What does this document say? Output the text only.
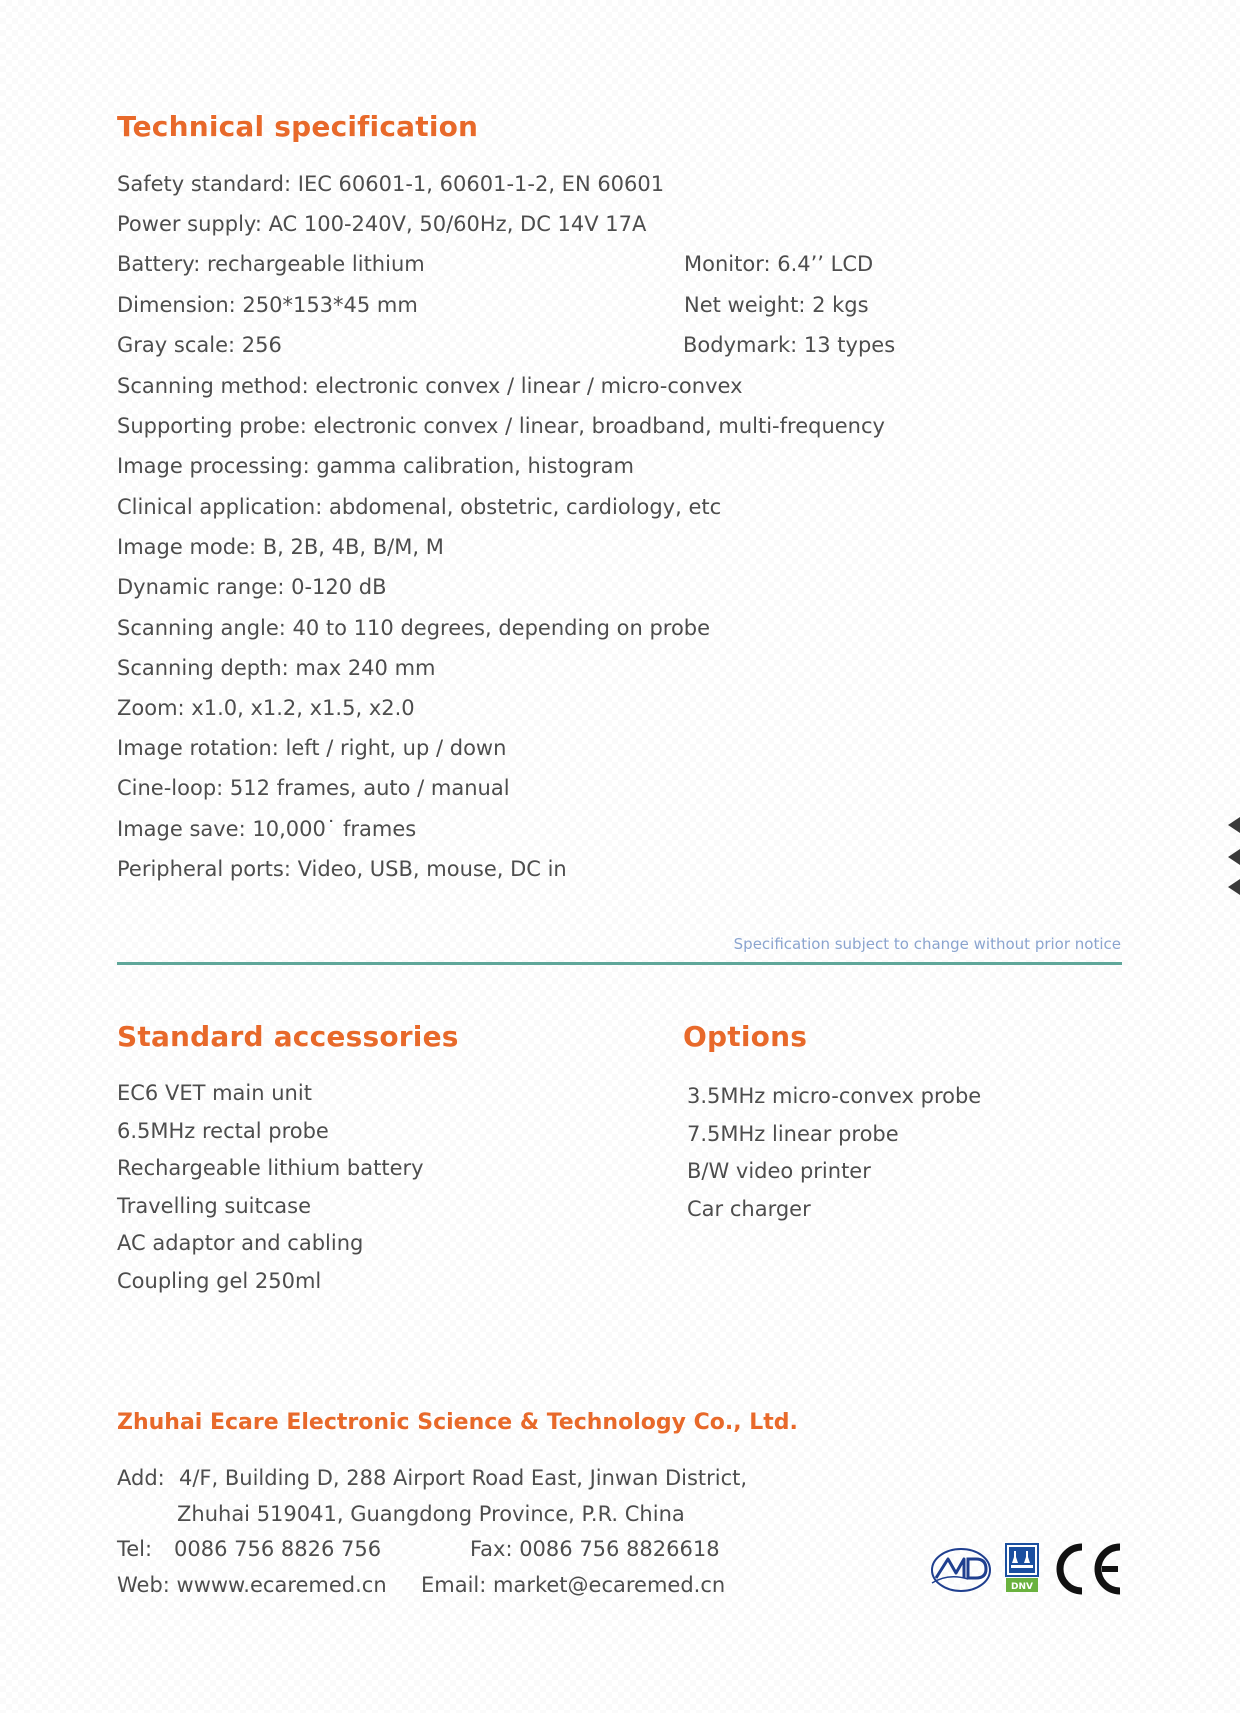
Technical specification
Safety standard: IEC 60601-1, 60601-1-2, EN 60601
Power supply: AC 100-240V, 50/60Hz, DC 14V 17A
Battery: rechargeable lithium
Dimension: 250*153*45 mm
Gray scale: 256
Scanning method: electronic convex / linear / micro-convex
Supporting probe: electronic convex / linear, broadband, multi-frequency
Image processing: gamma calibration, histogram
Clinical application: abdomenal, obstetric, cardiology, etc
Image mode: B, 2B, 4B, B/M, M
Dynamic range: 0-120 dB
Scanning angle: 40 to 110 degrees, depending on probe
Scanning depth: max 240 mm
Zoom: x1.0, x1.2, x1.5, x2.0
Image rotation: left / right, up / down
Cine-loop: 512 frames, auto / manual
Image save: 10,000˙ frames
Peripheral ports: Video, USB, mouse, DC in
Monitor: 6.4’’ LCD
Net weight: 2 kgs
Bodymark: 13 types
Specification subject to change without prior notice
Standard accessories
EC6 VET main unit
6.5MHz rectal probe
Rechargeable lithium battery
Travelling suitcase
AC adaptor and cabling
Coupling gel 250ml
Options
3.5MHz micro-convex probe
7.5MHz linear probe
B/W video printer
Car charger
Zhuhai Ecare Electronic Science & Technology Co., Ltd.
Add: 4/F, Building D, 288 Airport Road East, Jinwan District,
Zhuhai 519041, Guangdong Province, P.R. China
Tel: 0086 756 8826 756	Fax: 0086 756 8826618
Web: wwww.ecaremed.cn Email: market@ecaremed.cn	DNV
